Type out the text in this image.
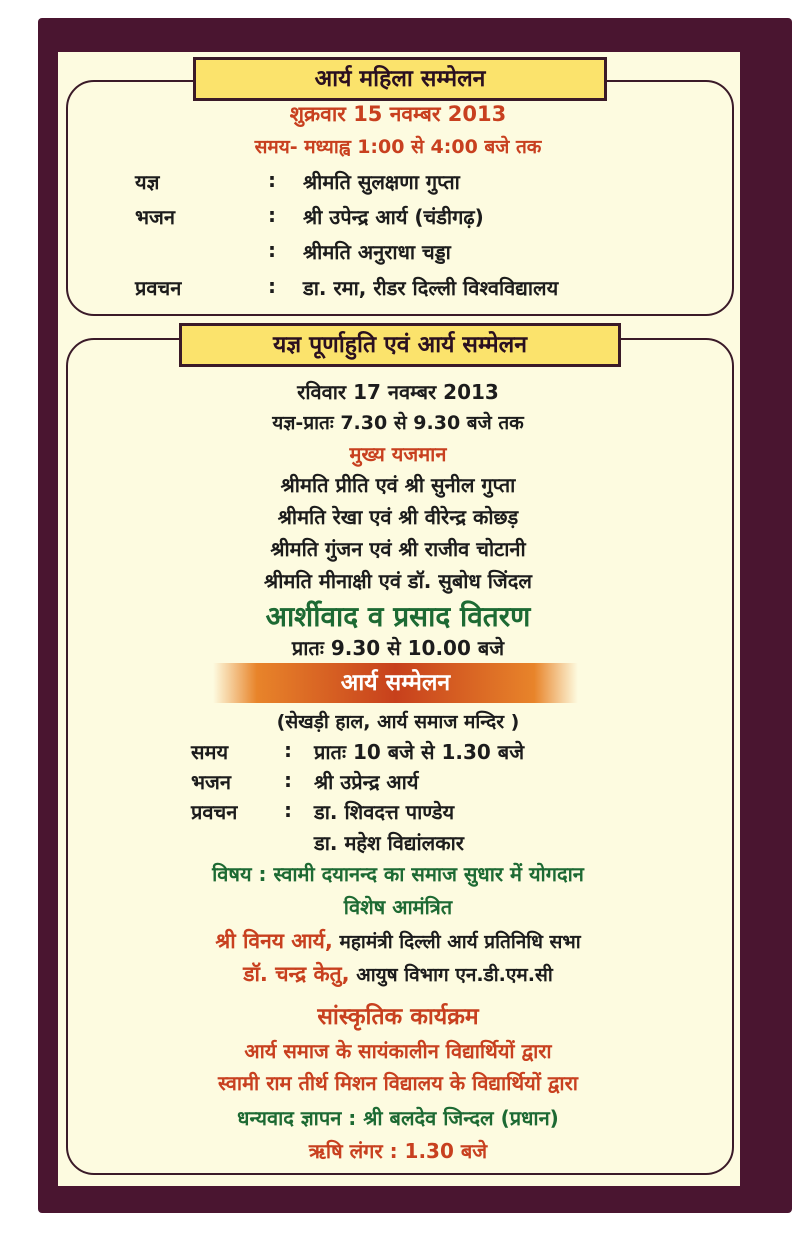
आर्य महिला सम्मेलन
शुक्रवार 15 नवम्बर 2013
समय- मध्याह्व 1:00 से 4:00 बजे तक
यज्ञ	: श्रीमति सुलक्षणा गुप्ता
भजन	: श्री उपेन्द्र आर्य (चंडीगढ़)
: श्रीमति अनुराधा चड्डा
प्रवचन	: डा. रमा, रीडर दिल्ली विश्वविद्यालय
यज्ञ पूर्णाहुति एवं आर्य सम्मेलन
रविवार 17 नवम्बर 2013
यज्ञ-प्रातः 7.30 से 9.30 बजे तक
मुख्य यजमान
श्रीमति प्रीति एवं श्री सुनील गुप्ता
श्रीमति रेखा एवं श्री वीरेन्द्र कोछड़
श्रीमति गुंजन एवं श्री राजीव चोटानी
श्रीमति मीनाक्षी एवं डॉ. सुबोध जिंदल
आर्शीवाद व प्रसाद वितरण
प्रातः 9.30 से 10.00 बजे
आर्य सम्मेलन
(सेखड़ी हाल, आर्य समाज मन्दिर )
समय	: प्रातः 10 बजे से 1.30 बजे
भजन	: श्री उप्रेन्द्र आर्य
प्रवचन : डा. शिवदत्त पाण्डेय
डा. महेश विद्यांलकार
विषय : स्वामी दयानन्द का समाज सुधार में योगदान
विशेष आमंत्रित
श्री विनय आर्य, महामंत्री दिल्ली आर्य प्रतिनिधि सभा
डॉ. चन्द्र केतु, आयुष विभाग एन.डी.एम.सी
सांस्कृतिक कार्यक्रम
आर्य समाज के सायंकालीन विद्यार्थियों द्वारा
स्वामी राम तीर्थ मिशन विद्यालय के विद्यार्थियों द्वारा
धन्यवाद ज्ञापन : श्री बलदेव जिन्दल (प्रधान)
ऋषि लंगर : 1.30 बजे
